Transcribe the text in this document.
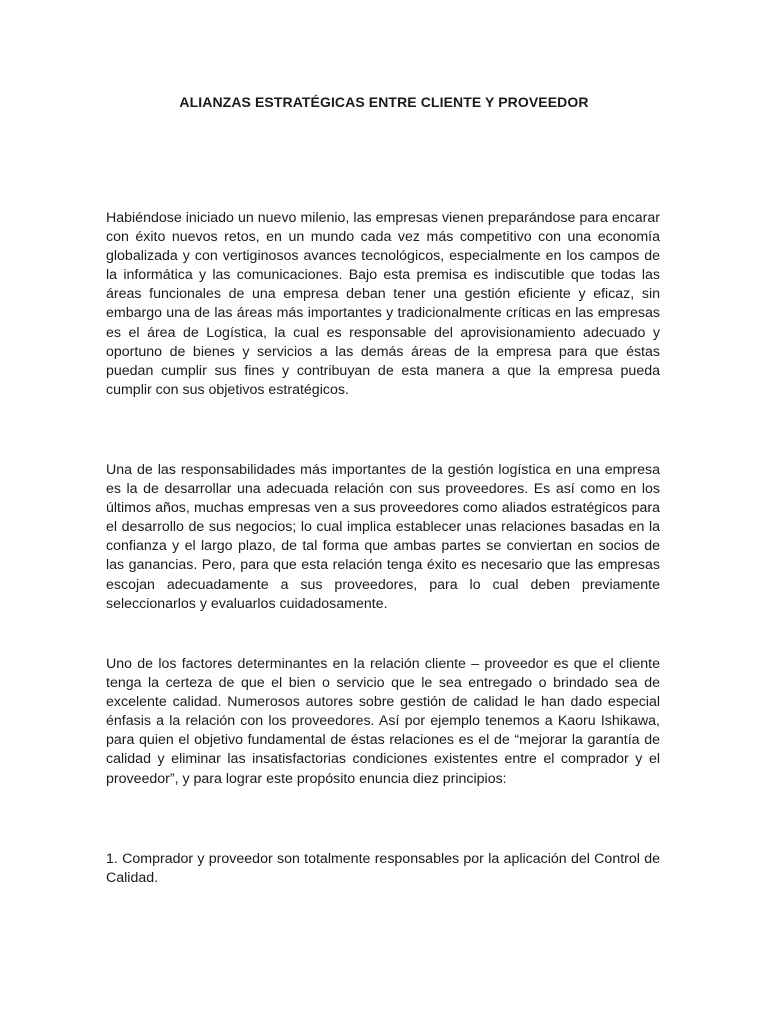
ALIANZAS ESTRATÉGICAS ENTRE CLIENTE Y PROVEEDOR

Habiéndose iniciado un nuevo milenio, las empresas vienen preparándose para encarar con éxito nuevos retos, en un mundo cada vez más competitivo con una economía globalizada y con vertiginosos avances tecnológicos, especialmente en los campos de la informática y las comunicaciones. Bajo esta premisa es indiscutible que todas las áreas funcionales de una empresa deban tener una gestión eficiente y eficaz, sin embargo una de las áreas más importantes y tradicionalmente críticas en las empresas es el área de Logística, la cual es responsable del aprovisionamiento adecuado y oportuno de bienes y servicios a las demás áreas de la empresa para que éstas puedan cumplir sus fines y contribuyan de esta manera a que la empresa pueda cumplir con sus objetivos estratégicos.

Una de las responsabilidades más importantes de la gestión logística en una empresa es la de desarrollar una adecuada relación con sus proveedores. Es así como en los últimos años, muchas empresas ven a sus proveedores como aliados estratégicos para el desarrollo de sus negocios; lo cual implica establecer unas relaciones basadas en la confianza y el largo plazo, de tal forma que ambas partes se conviertan en socios de las ganancias. Pero, para que esta relación tenga éxito es necesario que las empresas escojan adecuadamente a sus proveedores, para lo cual deben previamente seleccionarlos y evaluarlos cuidadosamente.

Uno de los factores determinantes en la relación cliente – proveedor es que el cliente tenga la certeza de que el bien o servicio que le sea entregado o brindado sea de excelente calidad. Numerosos autores sobre gestión de calidad le han dado especial énfasis a la relación con los proveedores. Así por ejemplo tenemos a Kaoru Ishikawa, para quien el objetivo fundamental de éstas relaciones es el de “mejorar la garantía de calidad y eliminar las insatisfactorias condiciones existentes entre el comprador y el proveedor”, y para lograr este propósito enuncia diez principios:

1. Comprador y proveedor son totalmente responsables por la aplicación del Control de Calidad.
